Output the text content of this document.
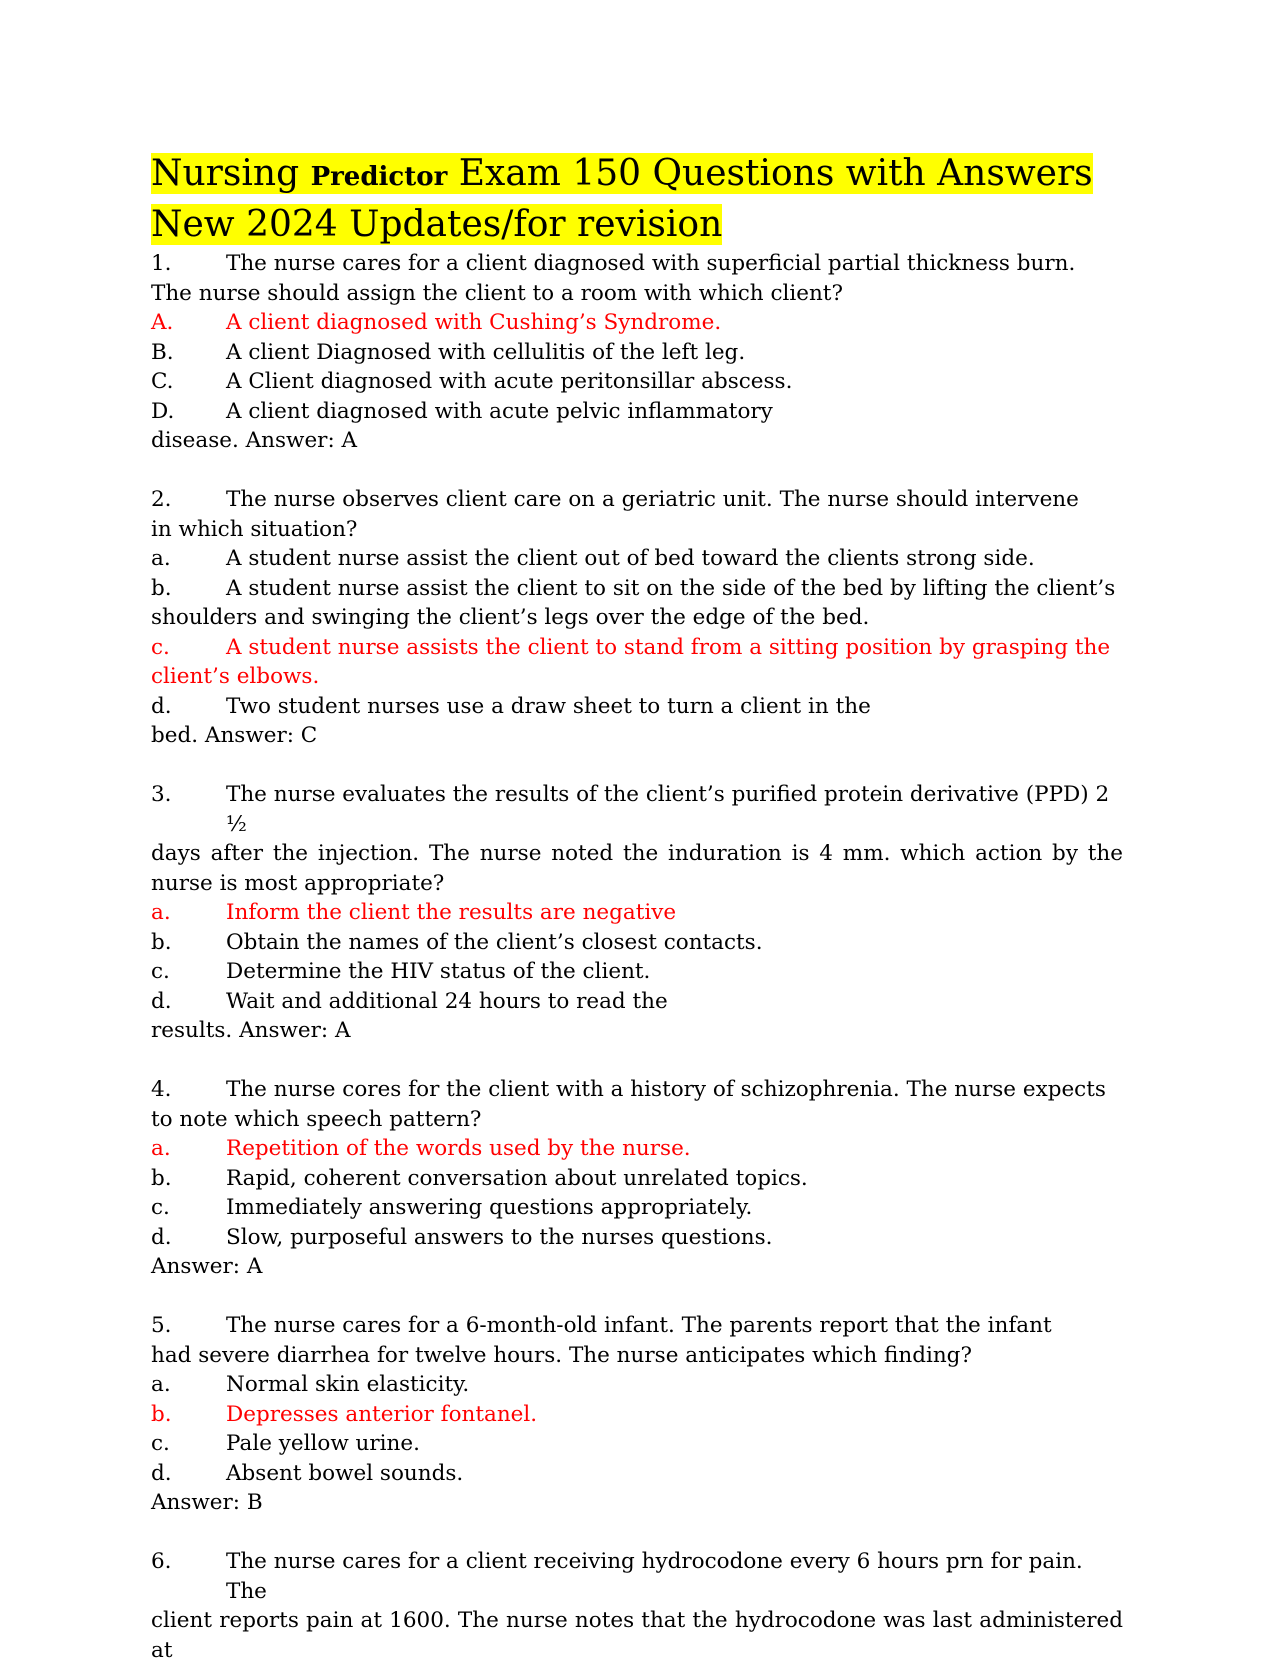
Nursing Predictor Exam 150 Questions with Answers
New 2024 Updates/for revision
1.	The nurse cares for a client diagnosed with superficial partial thickness burn.

The nurse should assign the client to a room with which client?

A.	A client diagnosed with Cushing’s Syndrome.
B.	A client Diagnosed with cellulitis of the left leg.
C.	A Client diagnosed with acute peritonsillar abscess.
D.	A client diagnosed with acute pelvic inflammatory

disease. Answer: A

2.	The nurse observes client care on a geriatric unit. The nurse should intervene

in which situation?

a.	A student nurse assist the client out of bed toward the clients strong side.
b.	A student nurse assist the client to sit on the side of the bed by lifting the client’s

shoulders and swinging the client’s legs over the edge of the bed.

c.	A student nurse assists the client to stand from a sitting position by grasping the

client’s elbows.

d.	Two student nurses use a draw sheet to turn a client in the

bed. Answer: C

3.	The nurse evaluates the results of the client’s purified protein derivative (PPD) 2 ½

days after the injection. The nurse noted the induration is 4 mm. which action by the nurse is most appropriate?

a.	Inform the client the results are negative
b.	Obtain the names of the client’s closest contacts.
c.	Determine the HIV status of the client.
d.	Wait and additional 24 hours to read the

results. Answer: A

4.	The nurse cores for the client with a history of schizophrenia. The nurse expects

to note which speech pattern?

a.	Repetition of the words used by the nurse.
b.	Rapid, coherent conversation about unrelated topics.
c.	Immediately answering questions appropriately.
d.	Slow, purposeful answers to the nurses questions.

Answer: A

5.	The nurse cares for a 6-month-old infant. The parents report that the infant

had severe diarrhea for twelve hours. The nurse anticipates which finding?

a.	Normal skin elasticity.
b.	Depresses anterior fontanel.
c.	Pale yellow urine.
d.	Absent bowel sounds.

Answer: B

6.	The nurse cares for a client receiving hydrocodone every 6 hours prn for pain. The

client reports pain at 1600. The nurse notes that the hydrocodone was last administered at
